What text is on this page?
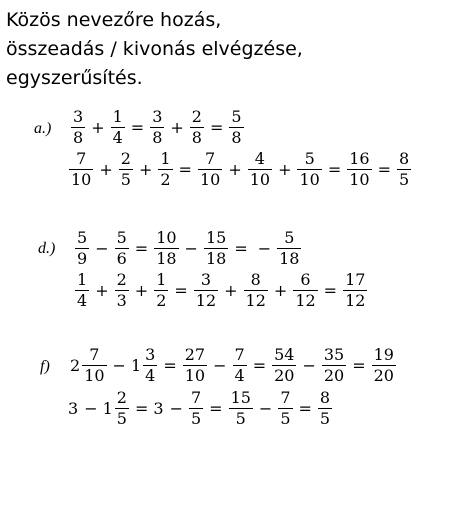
Közös nevezőre hozás,
összeadás / kivonás elvégzése,
egyszerűsítés.
$a.) \frac{3}{8} + \frac{1}{4} = \frac{3}{8} + \frac{2}{8} = \frac{5}{8}$
$\frac{7}{10} + \frac{2}{5} + \frac{1}{2} = \frac{7}{10} + \frac{4}{10} + \frac{5}{10} = \frac{16}{10} = \frac{8}{5}$
$d.) \frac{5}{9} - \frac{5}{6} = \frac{10}{18} - \frac{15}{18}$ = − $\frac{5}{18}$
$\frac{1}{4} + \frac{2}{3} + \frac{1}{2} = \frac{3}{12} + \frac{8}{12} + \frac{6}{12} = \frac{17}{12}$
f) $2 \frac{7}{10} - 1 \frac{3}{4} = \frac{27}{10} - \frac{7}{4} = \frac{54}{20} - \frac{35}{20} = \frac{19}{20}$
$3 - 1 \frac{2}{5} = 3 - \frac{7}{5} = \frac{15}{5} - \frac{7}{5} = \frac{8}{5}$
